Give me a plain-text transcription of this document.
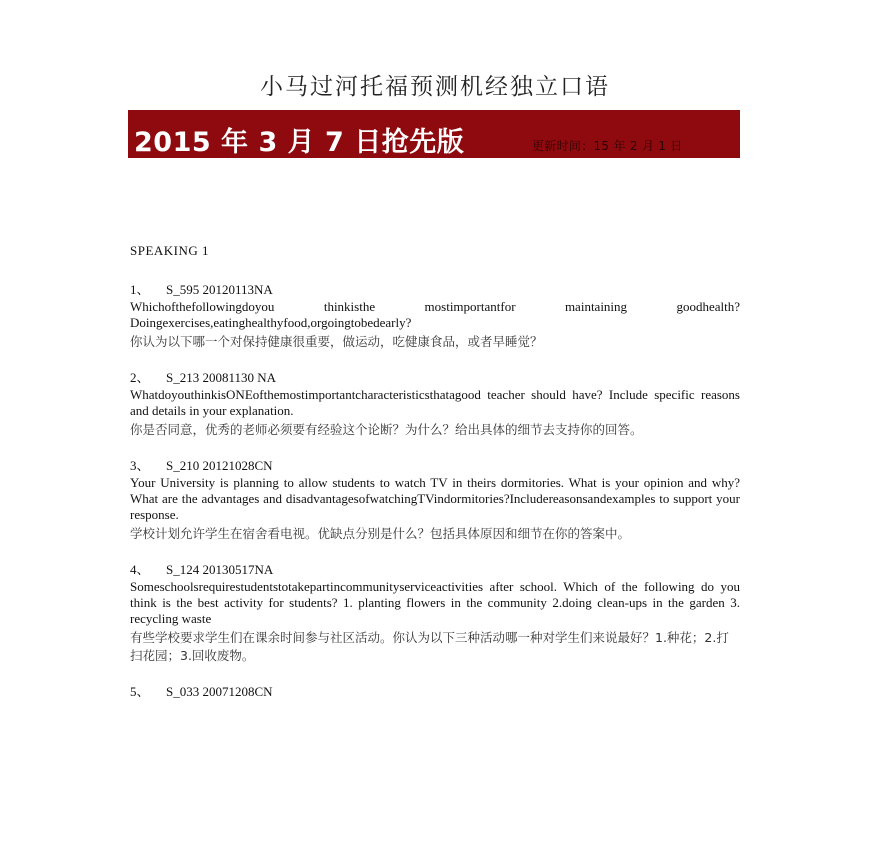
小马过河托福预测机经独立口语
2015 年 3 月 7 日抢先版	更新时间：15 年 2 月 1 日
SPEAKING 1
1、 S_595 20120113NA
Whichofthefollowingdoyou thinkisthe mostimportantfor maintaining goodhealth?Doingexercises,eatinghealthyfood,orgoingtobedearly?
你认为以下哪一个对保持健康很重要，做运动，吃健康食品，或者早睡觉？
2、 S_213 20081130 NA
WhatdoyouthinkisONEofthemostimportantcharacteristicsthatagood teacher should have? Include specific reasons and details in your explanation.
你是否同意，优秀的老师必须要有经验这个论断？为什么？给出具体的细节去支持你的回答。
3、 S_210 20121028CN
Your University is planning to allow students to watch TV in theirs dormitories. What is your opinion and why? What are the advantages and disadvantagesofwatchingTVindormitories?Includereasonsandexamples to support your response.
学校计划允许学生在宿舍看电视。优缺点分别是什么？包括具体原因和细节在你的答案中。
4、 S_124 20130517NA
Someschoolsrequirestudentstotakepartincommunityserviceactivities after school. Which of the following do you think is the best activity for students? 1. planting flowers in the community 2.doing clean-ups in the garden 3. recycling waste
有些学校要求学生们在课余时间参与社区活动。你认为以下三种活动哪一种对学生们来说最好？1.种花；2.打扫花园；3.回收废物。
5、 S_033 20071208CN
